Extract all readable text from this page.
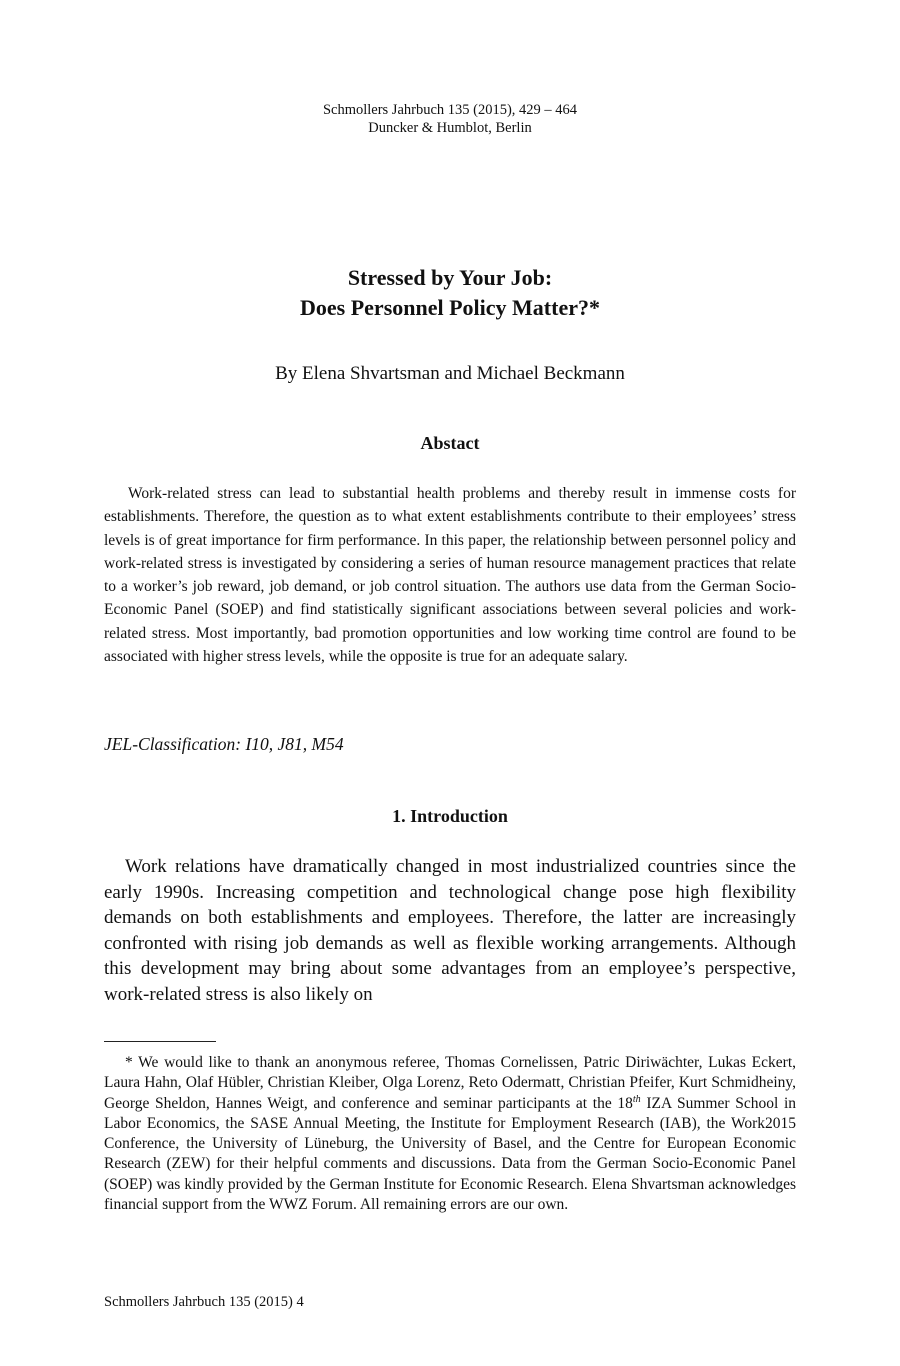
Schmollers Jahrbuch 135 (2015), 429 – 464
Duncker & Humblot, Berlin
Stressed by Your Job:
Does Personnel Policy Matter?*
By Elena Shvartsman and Michael Beckmann
Abstact

Work-related stress can lead to substantial health problems and thereby result in immense costs for establishments. Therefore, the question as to what extent establishments contribute to their employees’ stress levels is of great importance for firm performance. In this paper, the relationship between personnel policy and work-related stress is investigated by considering a series of human resource management practices that relate to a worker’s job reward, job demand, or job control situation. The authors use data from the German Socio-Economic Panel (SOEP) and find statistically significant associations between several policies and work-related stress. Most importantly, bad promotion opportunities and low working time control are found to be associated with higher stress levels, while the opposite is true for an adequate salary.

JEL-Classification: I10, J81, M54
1. Introduction

Work relations have dramatically changed in most industrialized countries since the early 1990s. Increasing competition and technological change pose high flexibility demands on both establishments and employees. Therefore, the latter are increasingly confronted with rising job demands as well as flexible working arrangements. Although this development may bring about some advantages from an employee’s perspective, work-related stress is also likely on

* We would like to thank an anonymous referee, Thomas Cornelissen, Patric Diriwächter, Lukas Eckert, Laura Hahn, Olaf Hübler, Christian Kleiber, Olga Lorenz, Reto Odermatt, Christian Pfeifer, Kurt Schmidheiny, George Sheldon, Hannes Weigt, and conference and seminar participants at the 18th IZA Summer School in Labor Economics, the SASE Annual Meeting, the Institute for Employment Research (IAB), the Work2015 Conference, the University of Lüneburg, the University of Basel, and the Centre for European Economic Research (ZEW) for their helpful comments and discussions. Data from the German Socio-Economic Panel (SOEP) was kindly provided by the German Institute for Economic Research. Elena Shvartsman acknowledges financial support from the WWZ Forum. All remaining errors are our own.

Schmollers Jahrbuch 135 (2015) 4
